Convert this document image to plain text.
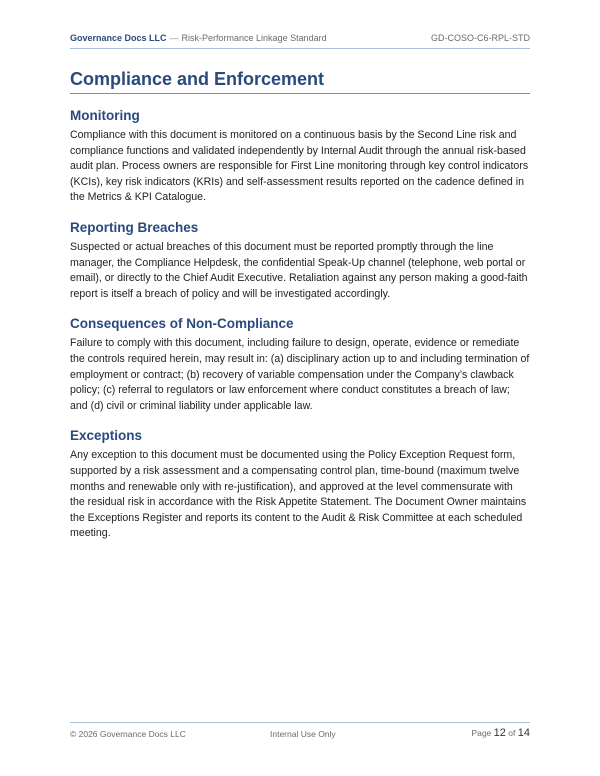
Governance Docs LLC — Risk-Performance Linkage Standard	GD-COSO-C6-RPL-STD
Compliance and Enforcement
Monitoring

Compliance with this document is monitored on a continuous basis by the Second Line risk and compliance functions and validated independently by Internal Audit through the annual risk-based audit plan. Process owners are responsible for First Line monitoring through key control indicators (KCIs), key risk indicators (KRIs) and self-assessment results reported on the cadence defined in the Metrics & KPI Catalogue.

Reporting Breaches

Suspected or actual breaches of this document must be reported promptly through the line manager, the Compliance Helpdesk, the confidential Speak-Up channel (telephone, web portal or email), or directly to the Chief Audit Executive. Retaliation against any person making a good-faith report is itself a breach of policy and will be investigated accordingly.

Consequences of Non-Compliance

Failure to comply with this document, including failure to design, operate, evidence or remediate the controls required herein, may result in: (a) disciplinary action up to and including termination of employment or contract; (b) recovery of variable compensation under the Company’s clawback policy; (c) referral to regulators or law enforcement where conduct constitutes a breach of law; and (d) civil or criminal liability under applicable law.

Exceptions

Any exception to this document must be documented using the Policy Exception Request form, supported by a risk assessment and a compensating control plan, time-bound (maximum twelve months and renewable only with re-justification), and approved at the level commensurate with the residual risk in accordance with the Risk Appetite Statement. The Document Owner maintains the Exceptions Register and reports its content to the Audit & Risk Committee at each scheduled meeting.

© 2026 Governance Docs LLC	Internal Use Only	Page 12 of 14
